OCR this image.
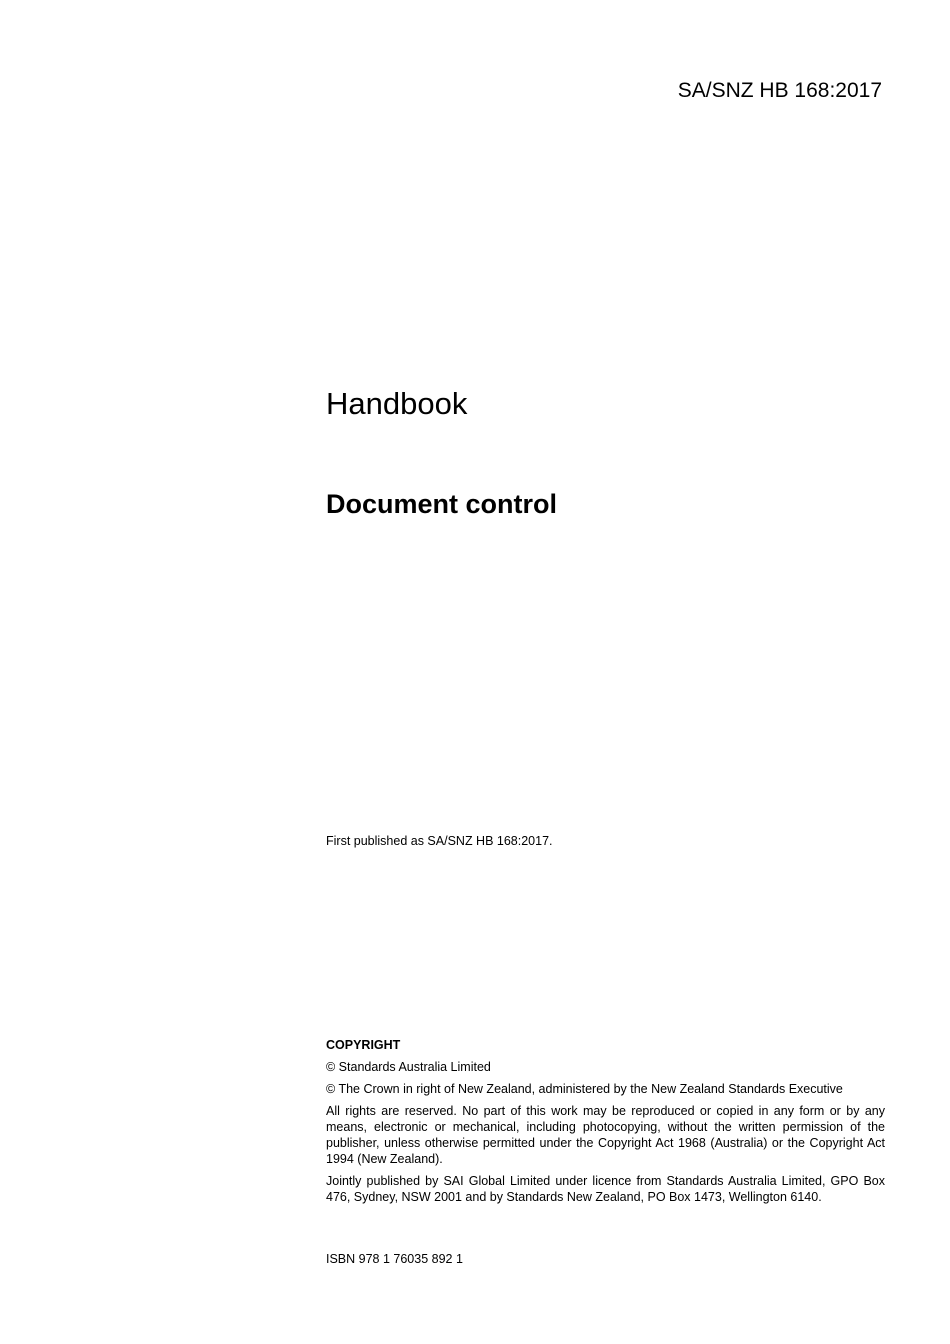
SA/SNZ HB 168:2017
Handbook
Document control
First published as SA/SNZ HB 168:2017.
COPYRIGHT
© Standards Australia Limited
© The Crown in right of New Zealand, administered by the New Zealand Standards Executive
All rights are reserved. No part of this work may be reproduced or copied in any form or by any means, electronic or mechanical, including photocopying, without the written permission of the publisher, unless otherwise permitted under the Copyright Act 1968 (Australia) or the Copyright Act 1994 (New Zealand).
Jointly published by SAI Global Limited under licence from Standards Australia Limited, GPO Box 476, Sydney, NSW 2001 and by Standards New Zealand, PO Box 1473, Wellington 6140.
ISBN 978 1 76035 892 1
